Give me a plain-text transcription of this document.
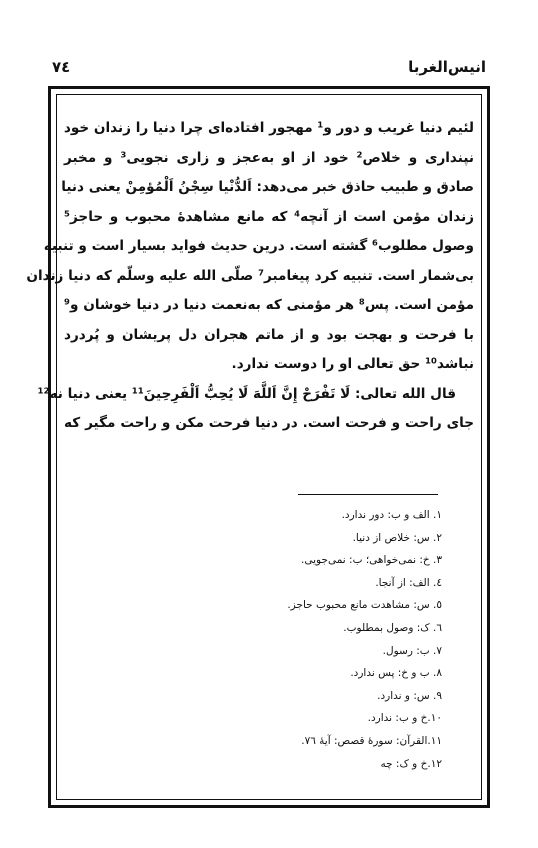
٧٤	انیس‌الغربا
لئیم دنیا غریب و دور و¹ مهجور افتاده‌ای چرا دنیا را زندان خود
نپنداری و خلاص² خود از او به‌عجز و زاری نجویی³ و مخبر
صادق و طبیب حاذق خبر می‌دهد: اَلدُّنْیا سِجْنُ اَلْمُؤمِنْ یعنی دنیا
زندان مؤمن است از آنچه⁴ که مانع مشاهدهٔ محبوب و حاجز⁵
وصول مطلوب⁶ گشته است. درین حدیث فواید بسیار است و تنبیه
بی‌شمار است. تنبیه کرد پیغامبر⁷ صلّی الله علیه وسلّم که دنیا زندان
مؤمن است. پس⁸ هر مؤمنی که به‌نعمت دنیا در دنیا خوشان و⁹
با فرحت و بهجت بود و از ماتم هجران دل پریشان و پُردرد
نباشد¹⁰ حق تعالی او را دوست ندارد.
قال الله تعالی: لَا تَفْرَحْ إِنَّ اَللَّهَ لَا يُحِبُّ اَلْفَرِحِينَ¹¹ یعنی دنیا نه¹²
جای راحت و فرحت است. در دنیا فرحت مکن و راحت مگیر که
١. الف و ب: دور ندارد.
٢. س: خلاص از دنیا.
٣. خ: نمی‌خواهی؛ ب: نمی‌جویی.
٤. الف: از آنجا.
٥. س: مشاهدت مانع محبوب حاجز.
٦. ک: وصول بمطلوب.
٧. ب: رسول.
٨. ب و خ: پس ندارد.
٩. س: و ندارد.
١٠.خ و ب: ندارد.
١١.القرآن: سورهٔ قصص: آیهٔ ٧٦.
١٢.خ و ک: چه
